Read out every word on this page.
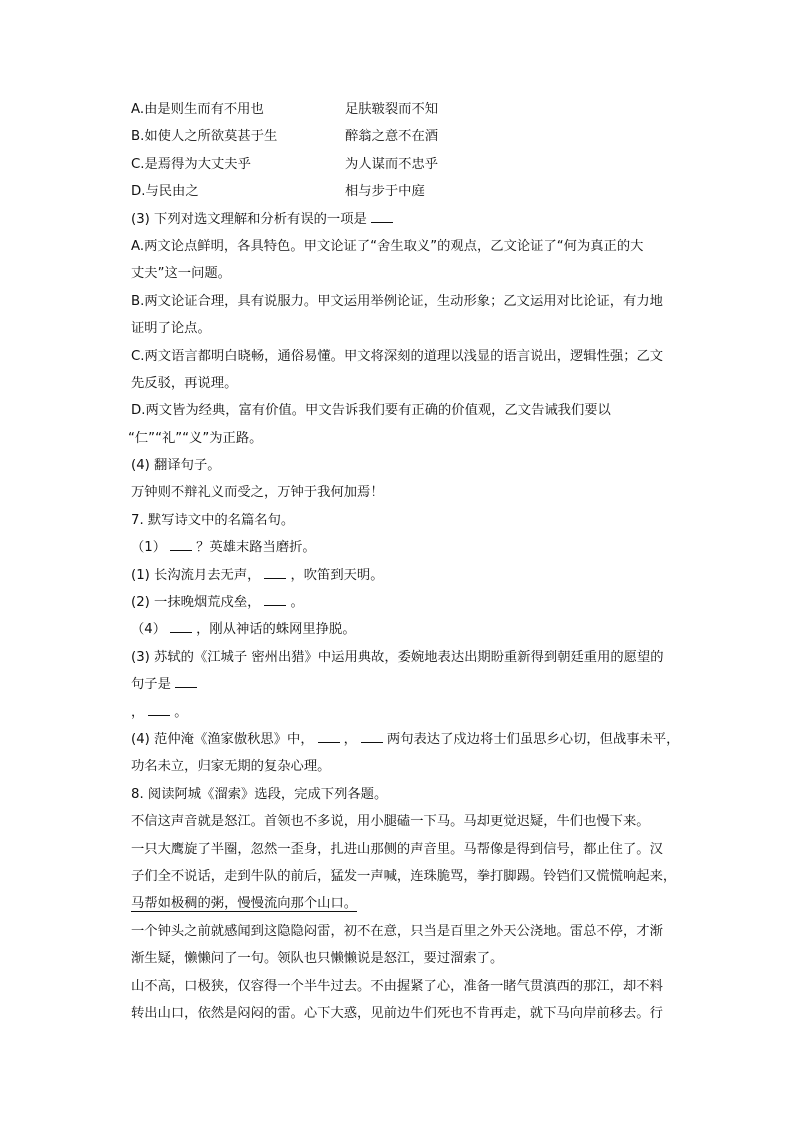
A.由是则生而有不用也	足肤皲裂而不知
B.如使人之所欲莫甚于生	醉翁之意不在酒
C.是焉得为大丈夫乎	为人谋而不忠乎
D.与民由之	相与步于中庭
(3) 下列对选文理解和分析有误的一项是
A.两文论点鲜明，各具特色。甲文论证了“舍生取义”的观点，乙文论证了“何为真正的大
丈夫”这一问题。
B.两文论证合理，具有说服力。甲文运用举例论证，生动形象；乙文运用对比论证，有力地
证明了论点。
C.两文语言都明白晓畅，通俗易懂。甲文将深刻的道理以浅显的语言说出，逻辑性强；乙文
先反驳，再说理。
D.两文皆为经典，富有价值。甲文告诉我们要有正确的价值观，乙文告诫我们要以
“仁”“礼”“义”为正路。
(4) 翻译句子。
万钟则不辩礼义而受之，万钟于我何加焉！
7. 默写诗文中的名篇名句。
（1） ？英雄末路当磨折。
(1) 长沟流月去无声， ，吹笛到天明。
(2) 一抹晚烟荒戍垒， 。
（4） ，刚从神话的蛛网里挣脱。
(3) 苏轼的《江城子 密州出猎》中运用典故，委婉地表达出期盼重新得到朝廷重用的愿望的
句子是
， 。
(4) 范仲淹《渔家傲秋思》中， ， 两句表达了戍边将士们虽思乡心切，但战事未平，
功名未立，归家无期的复杂心理。
8. 阅读阿城《溜索》选段，完成下列各题。
不信这声音就是怒江。首领也不多说，用小腿磕一下马。马却更觉迟疑，牛们也慢下来。
一只大鹰旋了半圈，忽然一歪身，扎进山那侧的声音里。马帮像是得到信号，都止住了。汉
子们全不说话，走到牛队的前后，猛发一声喊，连珠脆骂，拳打脚踢。铃铛们又慌慌响起来，
马帮如极稠的粥，慢慢流向那个山口。
一个钟头之前就感闻到这隐隐闷雷，初不在意，只当是百里之外天公浇地。雷总不停，才渐
渐生疑，懒懒问了一句。领队也只懒懒说是怒江，要过溜索了。
山不高，口极狭，仅容得一个半牛过去。不由握紧了心，准备一睹气贯滇西的那江，却不料
转出山口，依然是闷闷的雷。心下大惑，见前边牛们死也不肯再走，就下马向岸前移去。行
